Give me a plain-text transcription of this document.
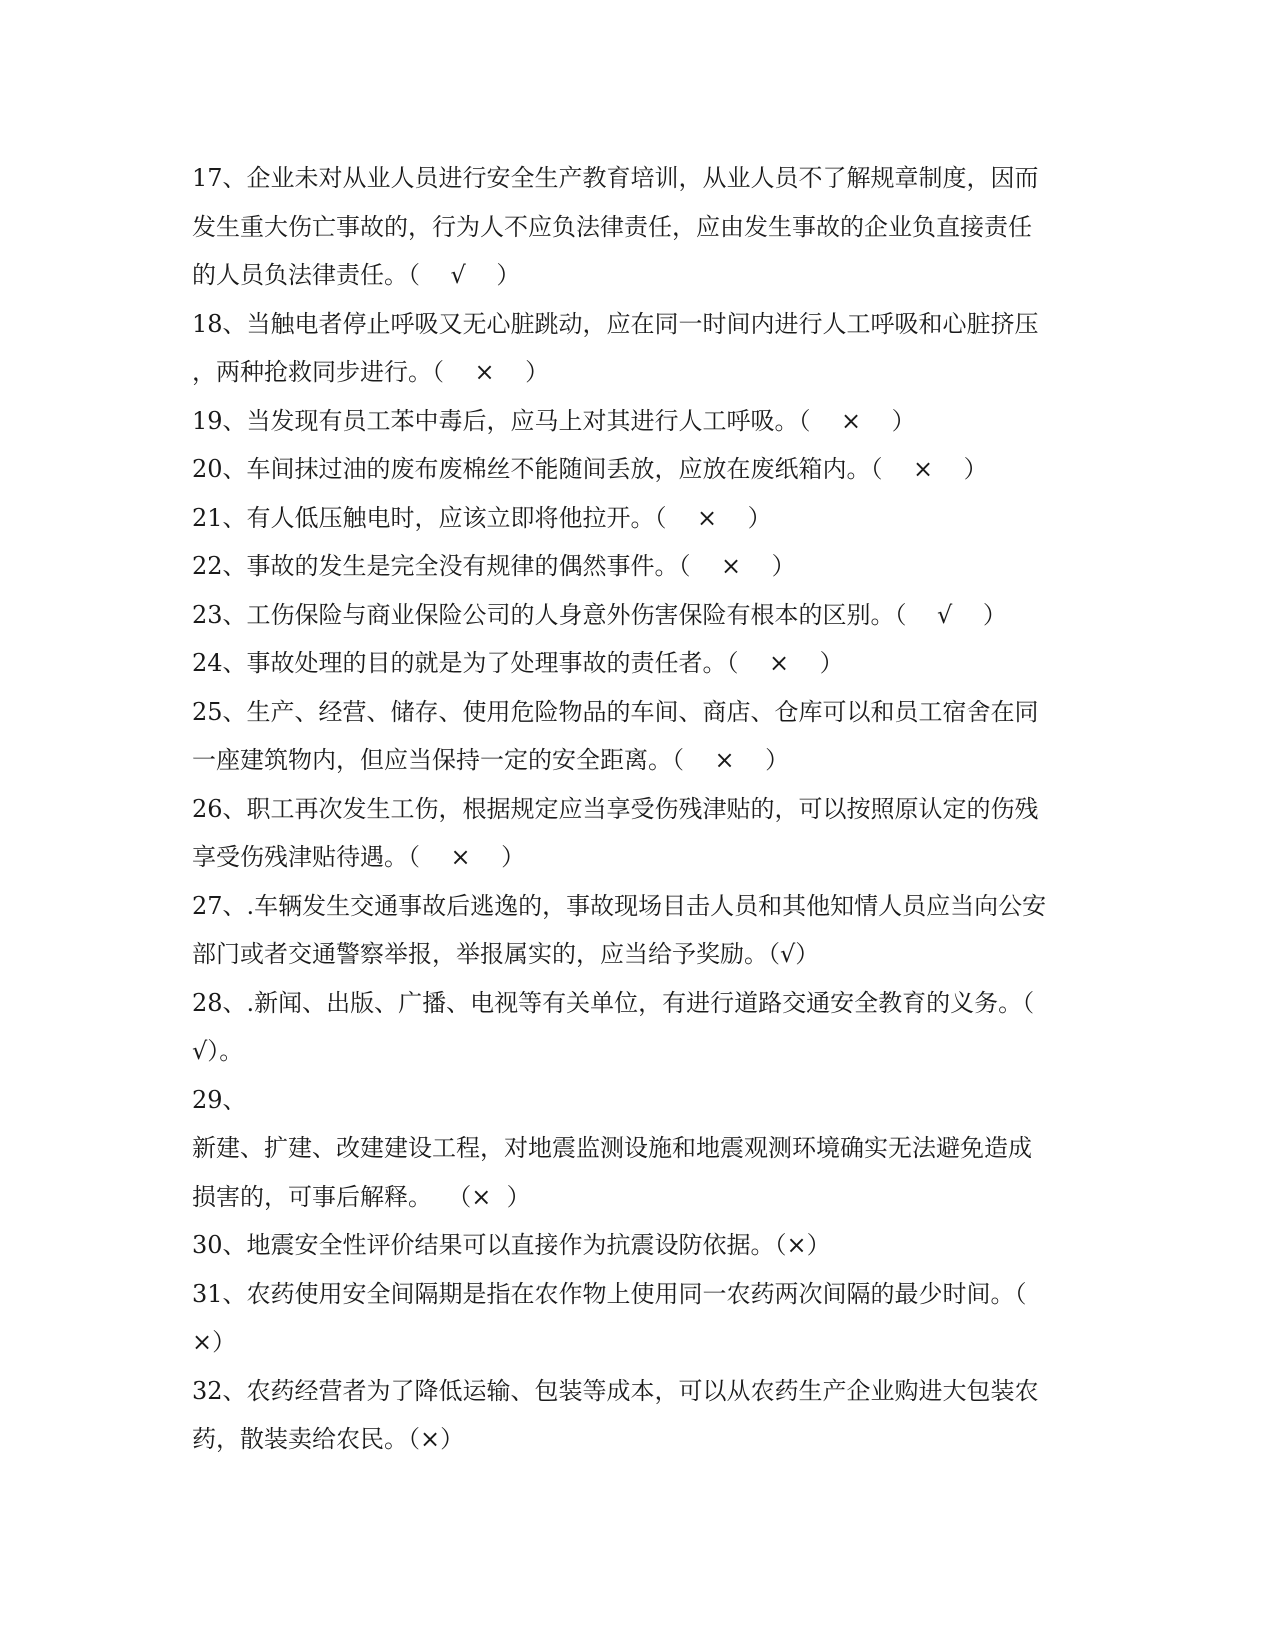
17、企业未对从业人员进行安全生产教育培训，从业人员不了解规章制度，因而
发生重大伤亡事故的，行为人不应负法律责任，应由发生事故的企业负直接责任
的人员负法律责任。（    √    ）
18、当触电者停止呼吸又无心脏跳动，应在同一时间内进行人工呼吸和心脏挤压
，两种抢救同步进行。（    ×    ）
19、当发现有员工苯中毒后，应马上对其进行人工呼吸。（    ×    ）
20、车间抹过油的废布废棉丝不能随间丢放，应放在废纸箱内。（    ×    ）
21、有人低压触电时，应该立即将他拉开。（    ×    ）
22、事故的发生是完全没有规律的偶然事件。（    ×    ）
23、工伤保险与商业保险公司的人身意外伤害保险有根本的区别。（    √    ）
24、事故处理的目的就是为了处理事故的责任者。（    ×    ）
25、生产、经营、储存、使用危险物品的车间、商店、仓库可以和员工宿舍在同
一座建筑物内，但应当保持一定的安全距离。（    ×    ）
26、职工再次发生工伤，根据规定应当享受伤残津贴的，可以按照原认定的伤残
享受伤残津贴待遇。（    ×    ）
27、.车辆发生交通事故后逃逸的，事故现场目击人员和其他知情人员应当向公安
部门或者交通警察举报，举报属实的，应当给予奖励。（√）
28、.新闻、出版、广播、电视等有关单位，有进行道路交通安全教育的义务。（
√）。
29、
新建、扩建、改建建设工程，对地震监测设施和地震观测环境确实无法避免造成
损害的，可事后解释。  （×  ）
30、地震安全性评价结果可以直接作为抗震设防依据。（×）
31、农药使用安全间隔期是指在农作物上使用同一农药两次间隔的最少时间。（
×）
32、农药经营者为了降低运输、包装等成本，可以从农药生产企业购进大包装农
药，散装卖给农民。（×）
